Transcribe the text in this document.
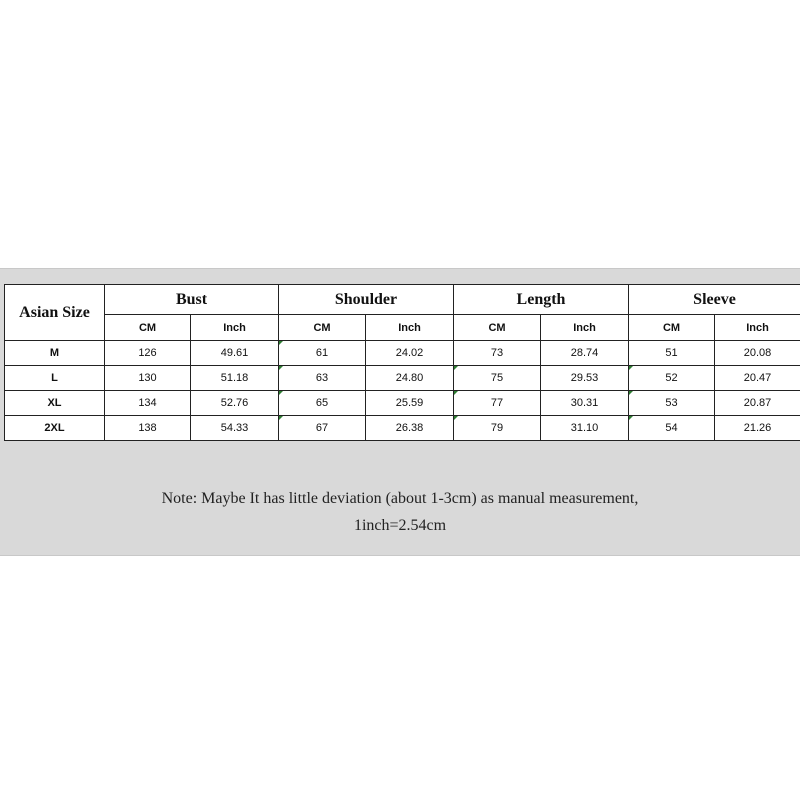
Asian Size	Bust		Shoulder		Length		Sleeve	
	CM	Inch	CM	Inch	CM	Inch	CM	Inch
M	126	49.61	61	24.02	73	28.74	51	20.08
L	130	51.18	63	24.80	75	29.53	52	20.47
XL	134	52.76	65	25.59	77	30.31	53	20.87
2XL	138	54.33	67	26.38	79	31.10	54	21.26
Note: Maybe It has little deviation (about 1-3cm) as manual measurement,
1inch=2.54cm
